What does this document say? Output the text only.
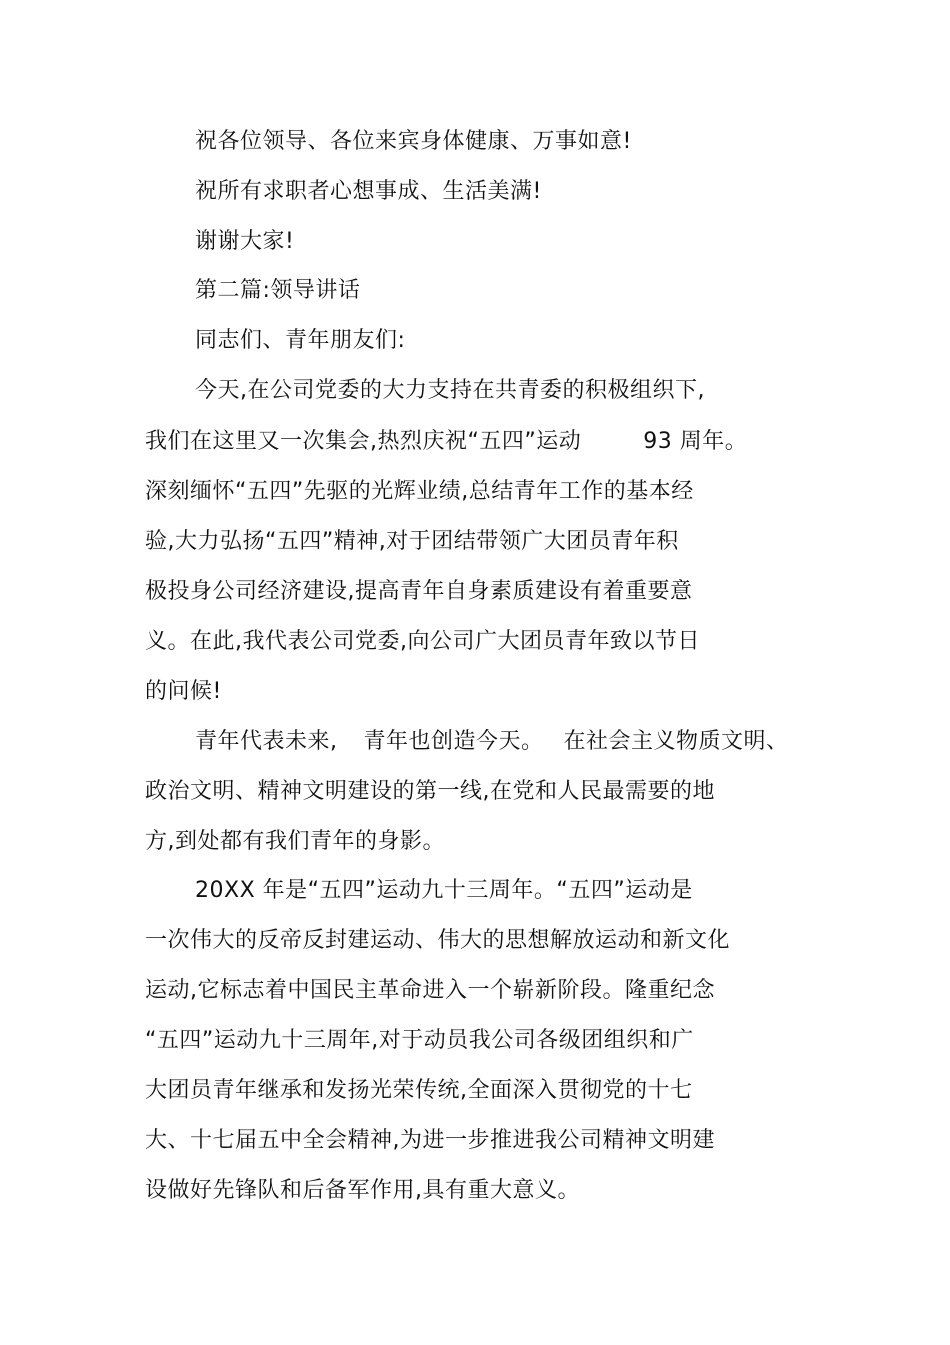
祝各位领导、各位来宾身体健康、万事如意!
祝所有求职者心想事成、生活美满!
谢谢大家!
第二篇:领导讲话
同志们、青年朋友们:
今天,在公司党委的大力支持在共青委的积极组织下,
我们在这里又一次集会,热烈庆祝“五四”运动	93 周年。
深刻缅怀“五四”先驱的光辉业绩,总结青年工作的基本经
验,大力弘扬“五四”精神,对于团结带领广大团员青年积
极投身公司经济建设,提高青年自身素质建设有着重要意
义。在此,我代表公司党委,向公司广大团员青年致以节日
的问候!
青年代表未来, 青年也创造今天。 在社会主义物质文明、
政治文明、精神文明建设的第一线,在党和人民最需要的地
方,到处都有我们青年的身影。
20XX 年是“五四”运动九十三周年。“五四”运动是
一次伟大的反帝反封建运动、伟大的思想解放运动和新文化
运动,它标志着中国民主革命进入一个崭新阶段。隆重纪念
“五四”运动九十三周年,对于动员我公司各级团组织和广
大团员青年继承和发扬光荣传统,全面深入贯彻党的十七
大、十七届五中全会精神,为进一步推进我公司精神文明建
设做好先锋队和后备军作用,具有重大意义。
